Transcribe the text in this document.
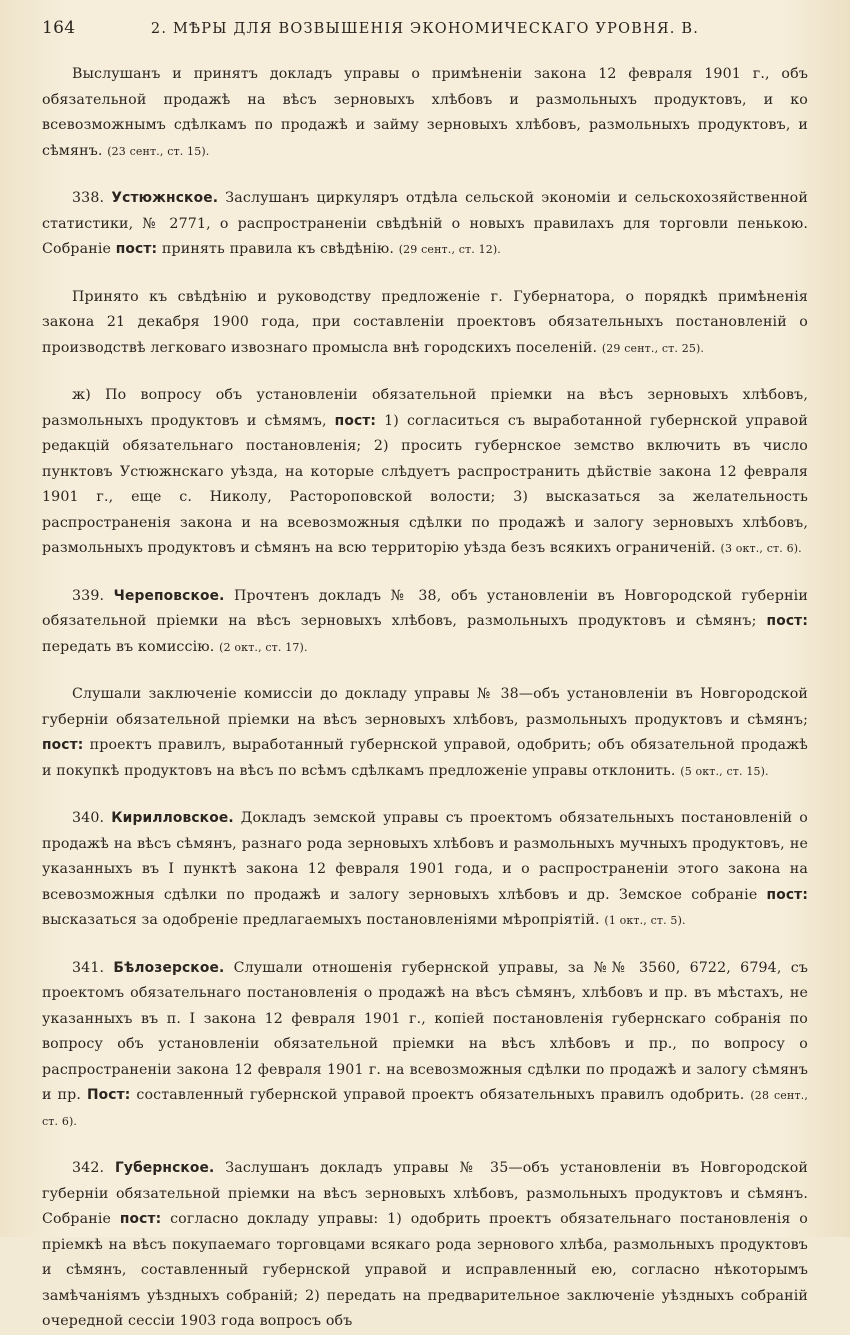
164	2. МѢРЫ ДЛЯ ВОЗВЫШЕНІЯ ЭКОНОМИЧЕСКАГО УРОВНЯ. В.

Выслушанъ и принятъ докладъ управы о примѣненіи закона 12 февраля 1901 г., объ обязательной продажѣ на вѣсъ зерновыхъ хлѣбовъ и размольныхъ продуктовъ, и ко всевозможнымъ сдѣлкамъ по продажѣ и займу зерновыхъ хлѣбовъ, размольныхъ продуктовъ, и сѣмянъ. (23 сент., ст. 15).

338. Устюжнское. Заслушанъ циркуляръ отдѣла сельской экономіи и сельскохозяйственной статистики, № 2771, о распространеніи свѣдѣній о новыхъ правилахъ для торговли пенькою. Собраніе пост: принять правила къ свѣдѣнію. (29 сент., ст. 12).

Принято къ свѣдѣнію и руководству предложеніе г. Губернатора, о порядкѣ примѣненія закона 21 декабря 1900 года, при составленіи проектовъ обязательныхъ постановленій о производствѣ легковаго извознаго промысла внѣ городскихъ поселеній. (29 сент., ст. 25).

ж) По вопросу объ установленіи обязательной пріемки на вѣсъ зерновыхъ хлѣбовъ, размольныхъ продуктовъ и сѣмямъ, пост: 1) согласиться съ выработанной губернской управой редакцій обязательнаго постановленія; 2) просить губернское земство включить въ число пунктовъ Устюжнскаго уѣзда, на которые слѣдуетъ распространить дѣйствіе закона 12 февраля 1901 г., еще с. Николу, Растороповской волости; 3) высказаться за желательность распространенія закона и на всевозможныя сдѣлки по продажѣ и залогу зерновыхъ хлѣбовъ, размольныхъ продуктовъ и сѣмянъ на всю территорію уѣзда безъ всякихъ ограниченій. (3 окт., ст. 6).

339. Череповское. Прочтенъ докладъ № 38, объ установленіи въ Новгородской губерніи обязательной пріемки на вѣсъ зерновыхъ хлѣбовъ, размольныхъ продуктовъ и сѣмянъ; пост: передать въ комиссію. (2 окт., ст. 17).

Слушали заключеніе комиссіи до докладу управы № 38—объ установленіи въ Новгородской губерніи обязательной пріемки на вѣсъ зерновыхъ хлѣбовъ, размольныхъ продуктовъ и сѣмянъ; пост: проектъ правилъ, выработанный губернской управой, одобрить; объ обязательной продажѣ и покупкѣ продуктовъ на вѣсъ по всѣмъ сдѣлкамъ предложеніе управы отклонить. (5 окт., ст. 15).

340. Кирилловское. Докладъ земской управы съ проектомъ обязательныхъ постановленій о продажѣ на вѣсъ сѣмянъ, разнаго рода зерновыхъ хлѣбовъ и размольныхъ мучныхъ продуктовъ, не указанныхъ въ I пунктѣ закона 12 февраля 1901 года, и о распространеніи этого закона на всевозможныя сдѣлки по продажѣ и залогу зерновыхъ хлѣбовъ и др. Земское собраніе пост: высказаться за одобреніе предлагаемыхъ постановленіями мѣропріятій. (1 окт., ст. 5).

341. Бѣлозерское. Слушали отношенія губернской управы, за №№ 3560, 6722, 6794, съ проектомъ обязательнаго постановленія о продажѣ на вѣсъ сѣмянъ, хлѣбовъ и пр. въ мѣстахъ, не указанныхъ въ п. I закона 12 февраля 1901 г., копіей постановленія губернскаго собранія по вопросу объ установленіи обязательной пріемки на вѣсъ хлѣбовъ и пр., по вопросу о распространеніи закона 12 февраля 1901 г. на всевозможныя сдѣлки по продажѣ и залогу сѣмянъ и пр. Пост: составленный губернской управой проектъ обязательныхъ правилъ одобрить. (28 сент., ст. 6).

342. Губернское. Заслушанъ докладъ управы № 35—объ установленіи въ Новгородской губерніи обязательной пріемки на вѣсъ зерновыхъ хлѣбовъ, размольныхъ продуктовъ и сѣмянъ. Собраніе пост: согласно докладу управы: 1) одобрить проектъ обязательнаго постановленія о пріемкѣ на вѣсъ покупаемаго торговцами всякаго рода зернового хлѣба, размольныхъ продуктовъ и сѣмянъ, составленный губернской управой и исправленный ею, согласно нѣкоторымъ замѣчаніямъ уѣздныхъ собраній; 2) передать на предварительное заключеніе уѣздныхъ собраній очередной сессіи 1903 года вопросъ объ
